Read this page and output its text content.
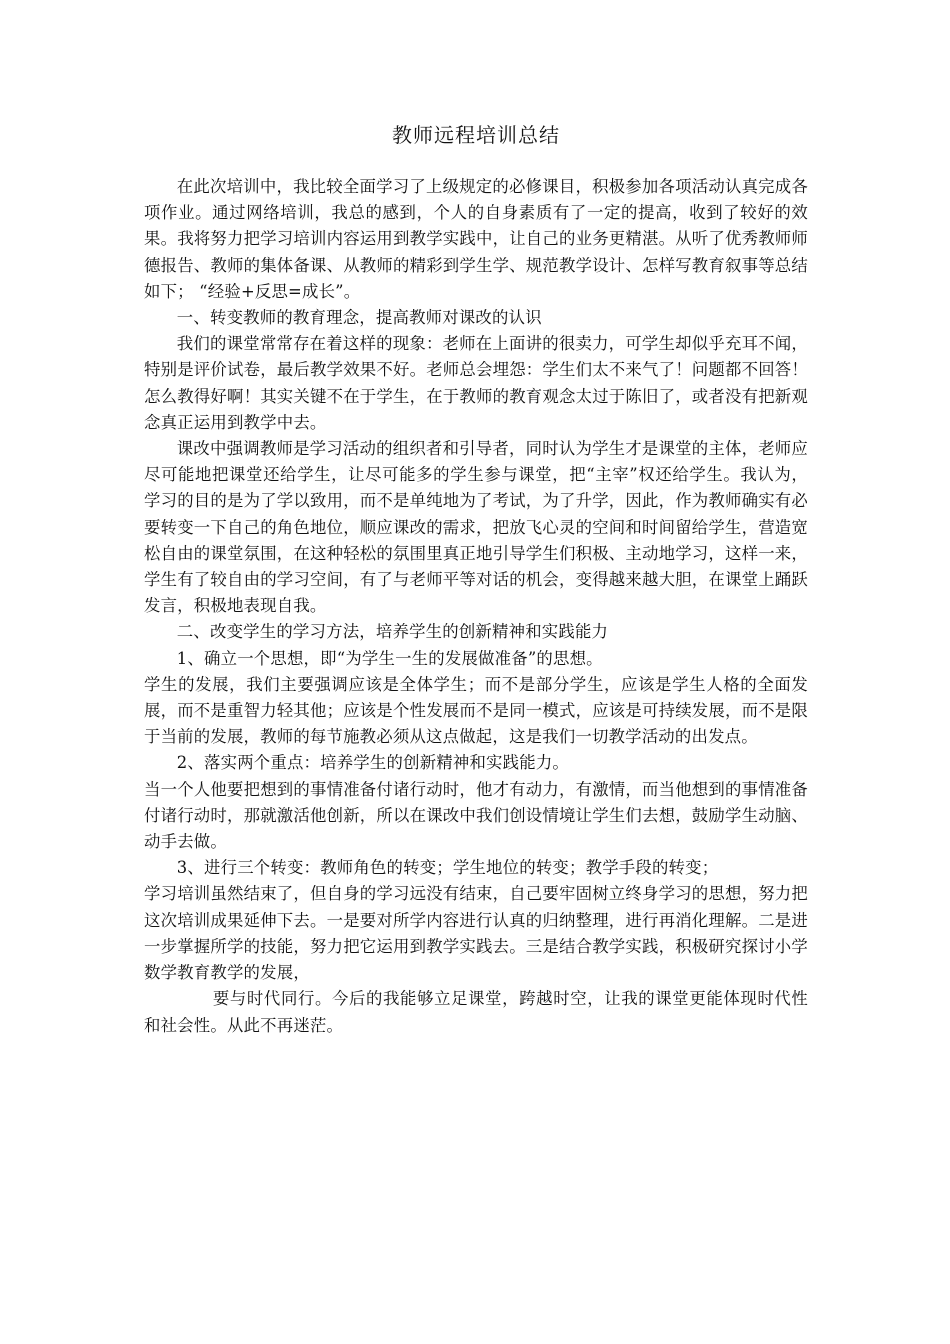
教师远程培训总结

在此次培训中，我比较全面学习了上级规定的必修课目，积极参加各项活动认真完成各项作业。通过网络培训，我总的感到，个人的自身素质有了一定的提高，收到了较好的效果。我将努力把学习培训内容运用到教学实践中，让自己的业务更精湛。从听了优秀教师师德报告、教师的集体备课、从教师的精彩到学生学、规范教学设计、怎样写教育叙事等总结如下； “经验+反思=成长”。

一、转变教师的教育理念，提高教师对课改的认识

我们的课堂常常存在着这样的现象：老师在上面讲的很卖力，可学生却似乎充耳不闻，特别是评价试卷，最后教学效果不好。老师总会埋怨：学生们太不来气了！问题都不回答！怎么教得好啊！其实关键不在于学生，在于教师的教育观念太过于陈旧了，或者没有把新观念真正运用到教学中去。

课改中强调教师是学习活动的组织者和引导者，同时认为学生才是课堂的主体，老师应尽可能地把课堂还给学生，让尽可能多的学生参与课堂，把“主宰”权还给学生。我认为，学习的目的是为了学以致用，而不是单纯地为了考试，为了升学，因此，作为教师确实有必要转变一下自己的角色地位，顺应课改的需求，把放飞心灵的空间和时间留给学生，营造宽松自由的课堂氛围，在这种轻松的氛围里真正地引导学生们积极、主动地学习，这样一来，学生有了较自由的学习空间，有了与老师平等对话的机会，变得越来越大胆，在课堂上踊跃发言，积极地表现自我。

二、改变学生的学习方法，培养学生的创新精神和实践能力

1、确立一个思想，即“为学生一生的发展做准备”的思想。

学生的发展，我们主要强调应该是全体学生；而不是部分学生，应该是学生人格的全面发展，而不是重智力轻其他；应该是个性发展而不是同一模式，应该是可持续发展，而不是限于当前的发展，教师的每节施教必须从这点做起，这是我们一切教学活动的出发点。

2、落实两个重点：培养学生的创新精神和实践能力。

当一个人他要把想到的事情准备付诸行动时，他才有动力，有激情，而当他想到的事情准备付诸行动时，那就激活他创新，所以在课改中我们创设情境让学生们去想，鼓励学生动脑、动手去做。

3、进行三个转变：教师角色的转变；学生地位的转变；教学手段的转变；

学习培训虽然结束了，但自身的学习远没有结束，自己要牢固树立终身学习的思想，努力把这次培训成果延伸下去。一是要对所学内容进行认真的归纳整理，进行再消化理解。二是进一步掌握所学的技能，努力把它运用到教学实践去。三是结合教学实践，积极研究探讨小学数学教育教学的发展，

要与时代同行。今后的我能够立足课堂，跨越时空，让我的课堂更能体现时代性和社会性。从此不再迷茫。
